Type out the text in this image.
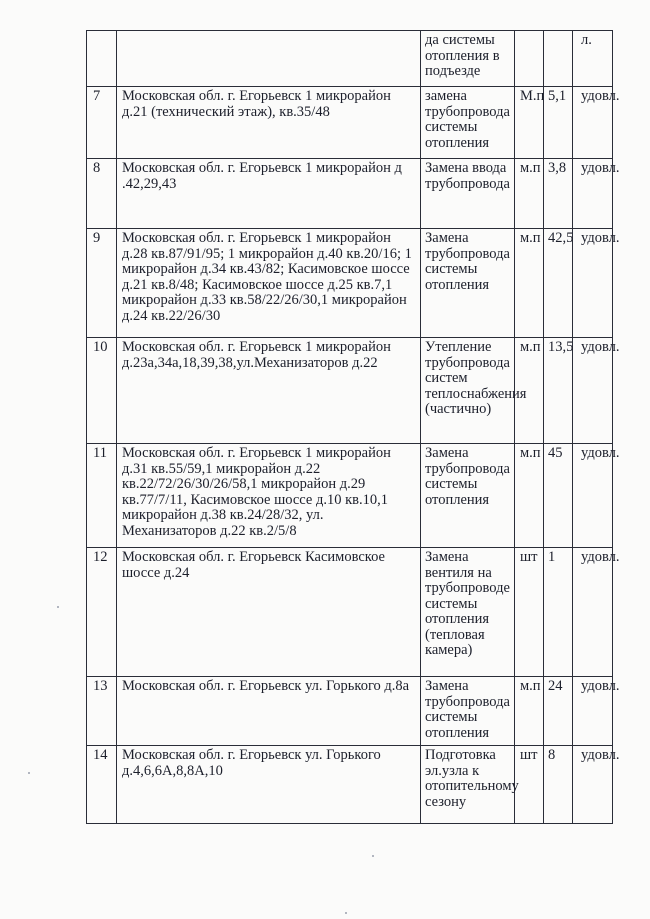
		да системы отопления в подъезде			л.
7	Московская обл. г. Егорьевск 1 микрорайон д.21 (технический этаж), кв.35/48	замена трубопровода системы отопления	М.п	5,1	удовл.
8	Московская обл. г. Егорьевск 1 микрорайон д .42,29,43	Замена ввода трубопровода	м.п	3,8	удовл.
9	Московская обл. г. Егорьевск 1 микрорайон д.28 кв.87/91/95; 1 микрорайон д.40 кв.20/16; 1 микрорайон д.34 кв.43/82; Касимовское шоссе д.21 кв.8/48; Касимовское шоссе д.25 кв.7,1 микрорайон д.33 кв.58/22/26/30,1 микрорайон д.24 кв.22/26/30	Замена трубопровода системы отопления	м.п	42,5	удовл.
10	Московская обл. г. Егорьевск 1 микрорайон д.23а,34а,18,39,38,ул.Механизаторов д.22	Утепление трубопровода систем теплоснабжения (частично)	м.п	13,5	удовл.
11	Московская обл. г. Егорьевск 1 микрорайон д.31 кв.55/59,1 микрорайон д.22 кв.22/72/26/30/26/58,1 микрорайон д.29 кв.77/7/11, Касимовское шоссе д.10 кв.10,1 микрорайон д.38 кв.24/28/32, ул. Механизаторов д.22 кв.2/5/8	Замена трубопровода системы отопления	м.п	45	удовл.
12	Московская обл. г. Егорьевск Касимовское шоссе д.24	Замена вентиля на трубопроводе системы отопления (тепловая камера)	шт	1	удовл.
13	Московская обл. г. Егорьевск ул. Горького д.8а	Замена трубопровода системы отопления	м.п	24	удовл.
14	Московская обл. г. Егорьевск ул. Горького д.4,6,6А,8,8А,10	Подготовка эл.узла к отопительному сезону	шт	8	удовл.
